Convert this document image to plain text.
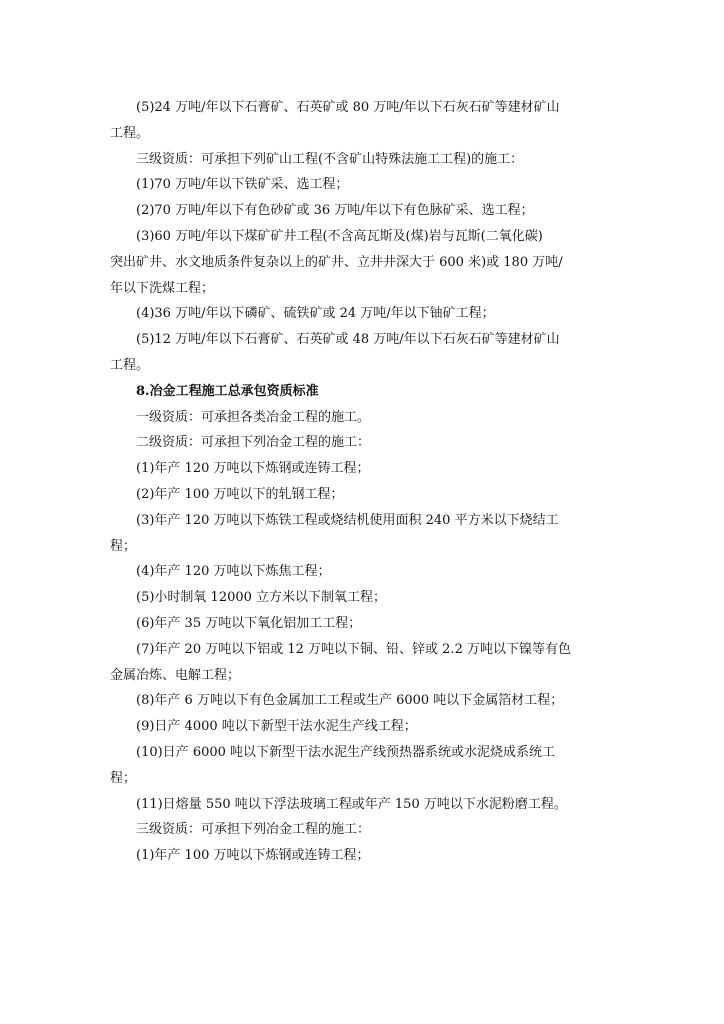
(5)24 万吨/年以下石膏矿、石英矿或 80 万吨/年以下石灰石矿等建材矿山
工程。
三级资质：可承担下列矿山工程(不含矿山特殊法施工工程)的施工：
(1)70 万吨/年以下铁矿采、选工程；
(2)70 万吨/年以下有色砂矿或 36 万吨/年以下有色脉矿采、选工程；
(3)60 万吨/年以下煤矿矿井工程(不含高瓦斯及(煤)岩与瓦斯(二氧化碳)
突出矿井、水文地质条件复杂以上的矿井、立井井深大于 600 米)或 180 万吨/
年以下洗煤工程；
(4)36 万吨/年以下磷矿、硫铁矿或 24 万吨/年以下铀矿工程；
(5)12 万吨/年以下石膏矿、石英矿或 48 万吨/年以下石灰石矿等建材矿山
工程。
8.冶金工程施工总承包资质标准
一级资质：可承担各类冶金工程的施工。
二级资质：可承担下列冶金工程的施工：
(1)年产 120 万吨以下炼钢或连铸工程；
(2)年产 100 万吨以下的轧钢工程；
(3)年产 120 万吨以下炼铁工程或烧结机使用面积 240 平方米以下烧结工
程；
(4)年产 120 万吨以下炼焦工程；
(5)小时制氧 12000 立方米以下制氧工程；
(6)年产 35 万吨以下氧化铝加工工程；
(7)年产 20 万吨以下铝或 12 万吨以下铜、铅、锌或 2.2 万吨以下镍等有色
金属冶炼、电解工程；
(8)年产 6 万吨以下有色金属加工工程或生产 6000 吨以下金属箔材工程；
(9)日产 4000 吨以下新型干法水泥生产线工程；
(10)日产 6000 吨以下新型干法水泥生产线预热器系统或水泥烧成系统工
程；
(11)日熔量 550 吨以下浮法玻璃工程或年产 150 万吨以下水泥粉磨工程。
三级资质：可承担下列冶金工程的施工：
(1)年产 100 万吨以下炼钢或连铸工程；
